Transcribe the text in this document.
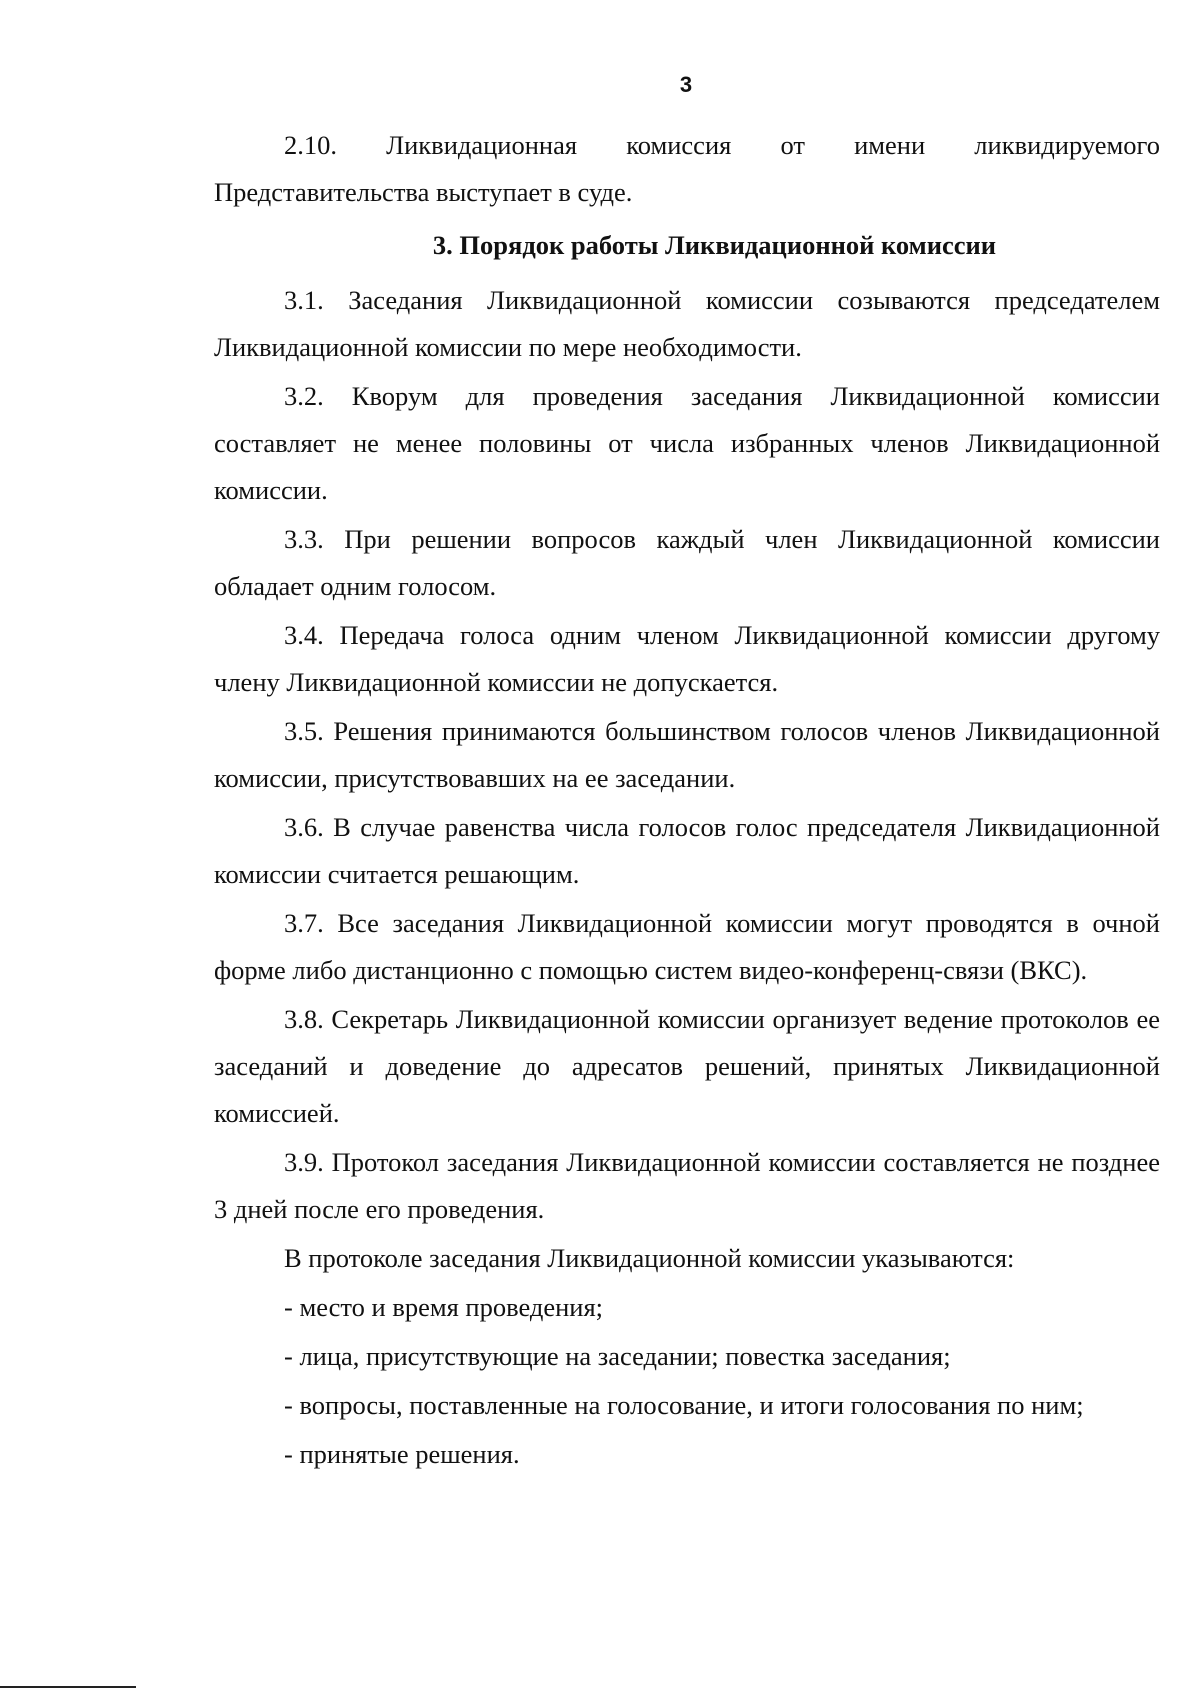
3

2.10. Ликвидационная комиссия от имени ликвидируемого Представительства выступает в суде.

3. Порядок работы Ликвидационной комиссии

3.1. Заседания Ликвидационной комиссии созываются председателем Ликвидационной комиссии по мере необходимости.

3.2. Кворум для проведения заседания Ликвидационной комиссии составляет не менее половины от числа избранных членов Ликвидационной комиссии.

3.3. При решении вопросов каждый член Ликвидационной комиссии обладает одним голосом.

3.4. Передача голоса одним членом Ликвидационной комиссии другому члену Ликвидационной комиссии не допускается.

3.5. Решения принимаются большинством голосов членов Ликвидационной комиссии, присутствовавших на ее заседании.

3.6. В случае равенства числа голосов голос председателя Ликвидационной комиссии считается решающим.

3.7. Все заседания Ликвидационной комиссии могут проводятся в очной форме либо дистанционно с помощью систем видео-конференц-связи (ВКС).

3.8. Секретарь Ликвидационной комиссии организует ведение протоколов ее заседаний и доведение до адресатов решений, принятых Ликвидационной комиссией.

3.9. Протокол заседания Ликвидационной комиссии составляется не позднее 3 дней после его проведения.

В протоколе заседания Ликвидационной комиссии указываются:

- место и время проведения;
- лица, присутствующие на заседании; повестка заседания;
- вопросы, поставленные на голосование, и итоги голосования по ним;
- принятые решения.
